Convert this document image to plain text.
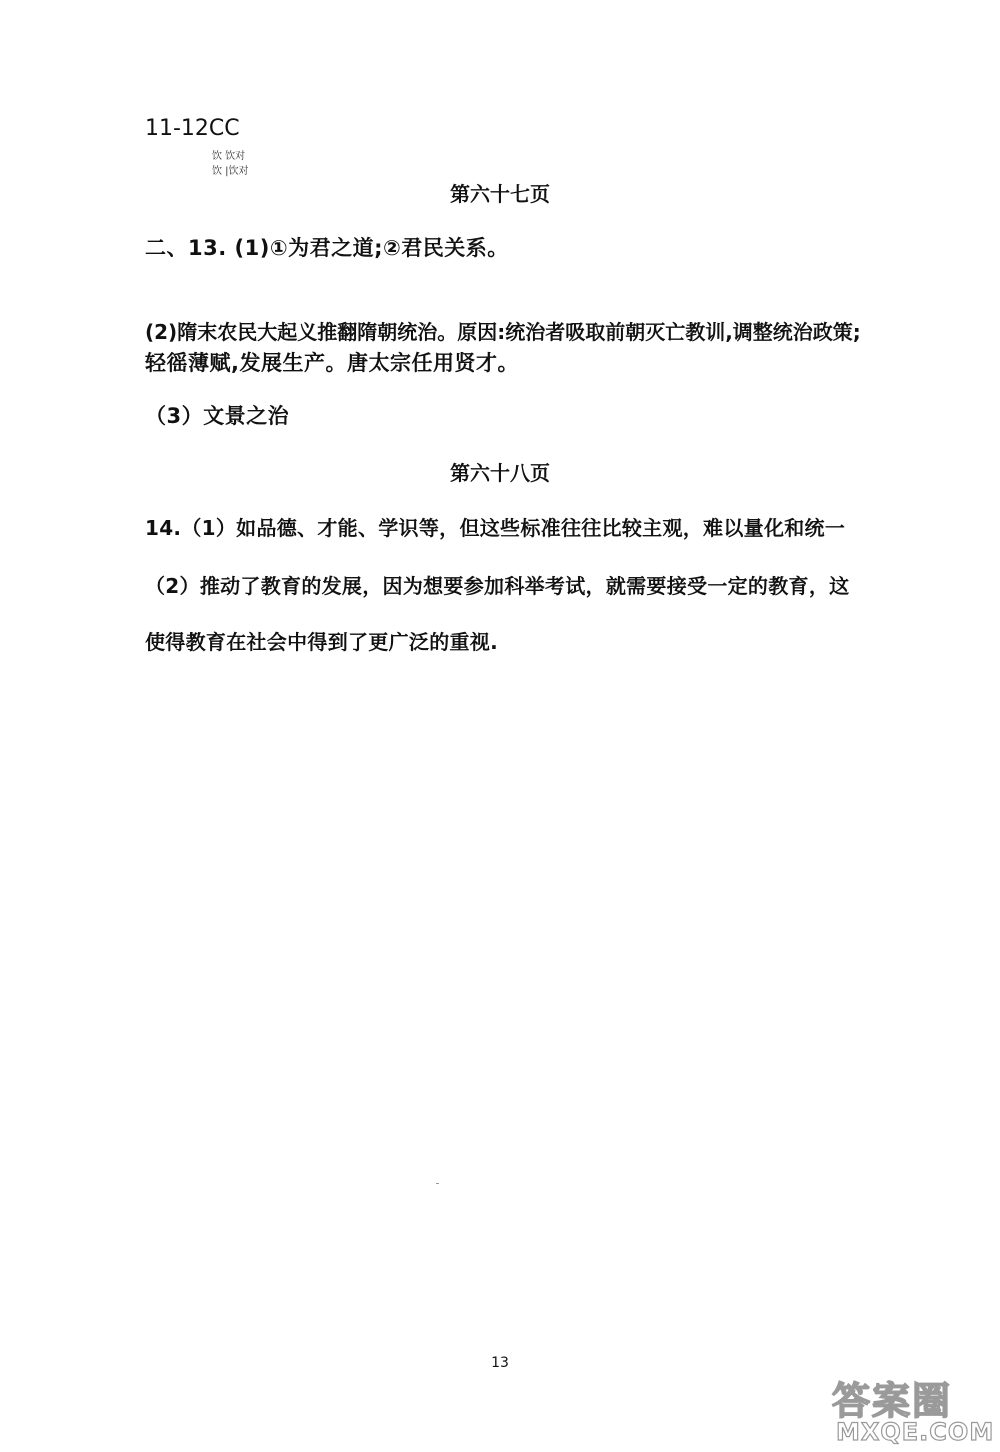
11-12CC
饮 饮对
饮 |饮对
第六十七页
二、13. (1)①为君之道;②君民关系。
(2)隋末农民大起义推翻隋朝统治。原因:统治者吸取前朝灭亡教训,调整统治政策;
轻徭薄赋,发展生产。唐太宗任用贤才。
（3）文景之治
第六十八页
14.（1）如品德、才能、学识等，但这些标准往往比较主观，难以量化和统一
（2）推动了教育的发展，因为想要参加科举考试，就需要接受一定的教育，这
使得教育在社会中得到了更广泛的重视.
13
答案圈
MXQE.COM
